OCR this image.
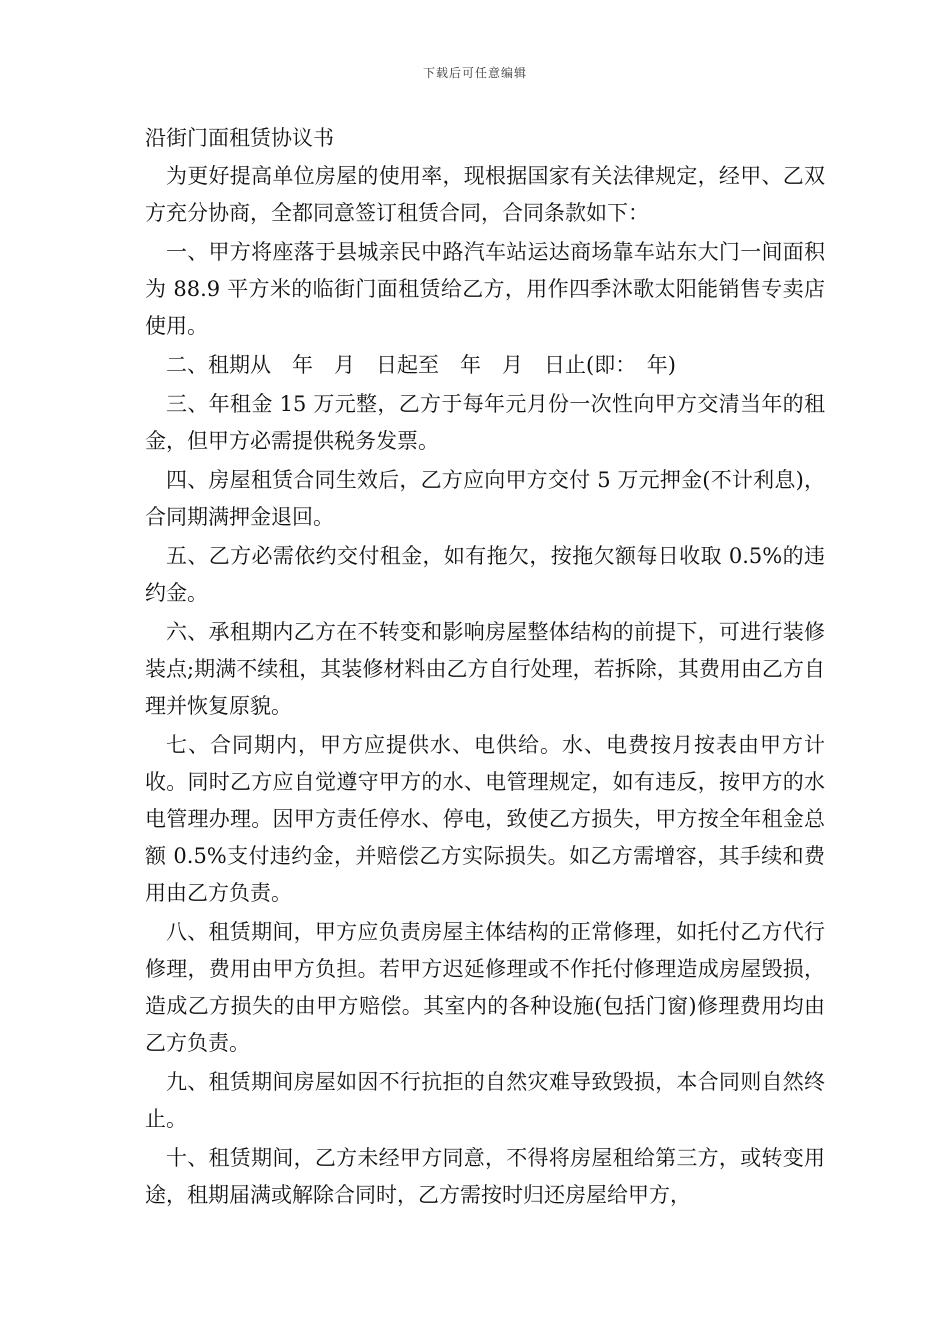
下载后可任意编辑
沿街门面租赁协议书

为更好提高单位房屋的使用率，现根据国家有关法律规定，经甲、乙双方充分协商，全都同意签订租赁合同，合同条款如下：

一、甲方将座落于县城亲民中路汽车站运达商场靠车站东大门一间面积为 88.9 平方米的临街门面租赁给乙方，用作四季沐歌太阳能销售专卖店使用。

二、租期从　年　月　日起至　年　月　日止(即：　年)

三、年租金 15 万元整，乙方于每年元月份一次性向甲方交清当年的租金，但甲方必需提供税务发票。

四、房屋租赁合同生效后，乙方应向甲方交付 5 万元押金(不计利息)，合同期满押金退回。

五、乙方必需依约交付租金，如有拖欠，按拖欠额每日收取 0.5%的违约金。

六、承租期内乙方在不转变和影响房屋整体结构的前提下，可进行装修装点;期满不续租，其装修材料由乙方自行处理，若拆除，其费用由乙方自理并恢复原貌。

七、合同期内，甲方应提供水、电供给。水、电费按月按表由甲方计收。同时乙方应自觉遵守甲方的水、电管理规定，如有违反，按甲方的水电管理办理。因甲方责任停水、停电，致使乙方损失，甲方按全年租金总额 0.5%支付违约金，并赔偿乙方实际损失。如乙方需增容，其手续和费用由乙方负责。

八、租赁期间，甲方应负责房屋主体结构的正常修理，如托付乙方代行修理，费用由甲方负担。若甲方迟延修理或不作托付修理造成房屋毁损，造成乙方损失的由甲方赔偿。其室内的各种设施(包括门窗)修理费用均由乙方负责。

九、租赁期间房屋如因不行抗拒的自然灾难导致毁损，本合同则自然终止。

十、租赁期间，乙方未经甲方同意，不得将房屋租给第三方，或转变用途，租期届满或解除合同时，乙方需按时归还房屋给甲方，
